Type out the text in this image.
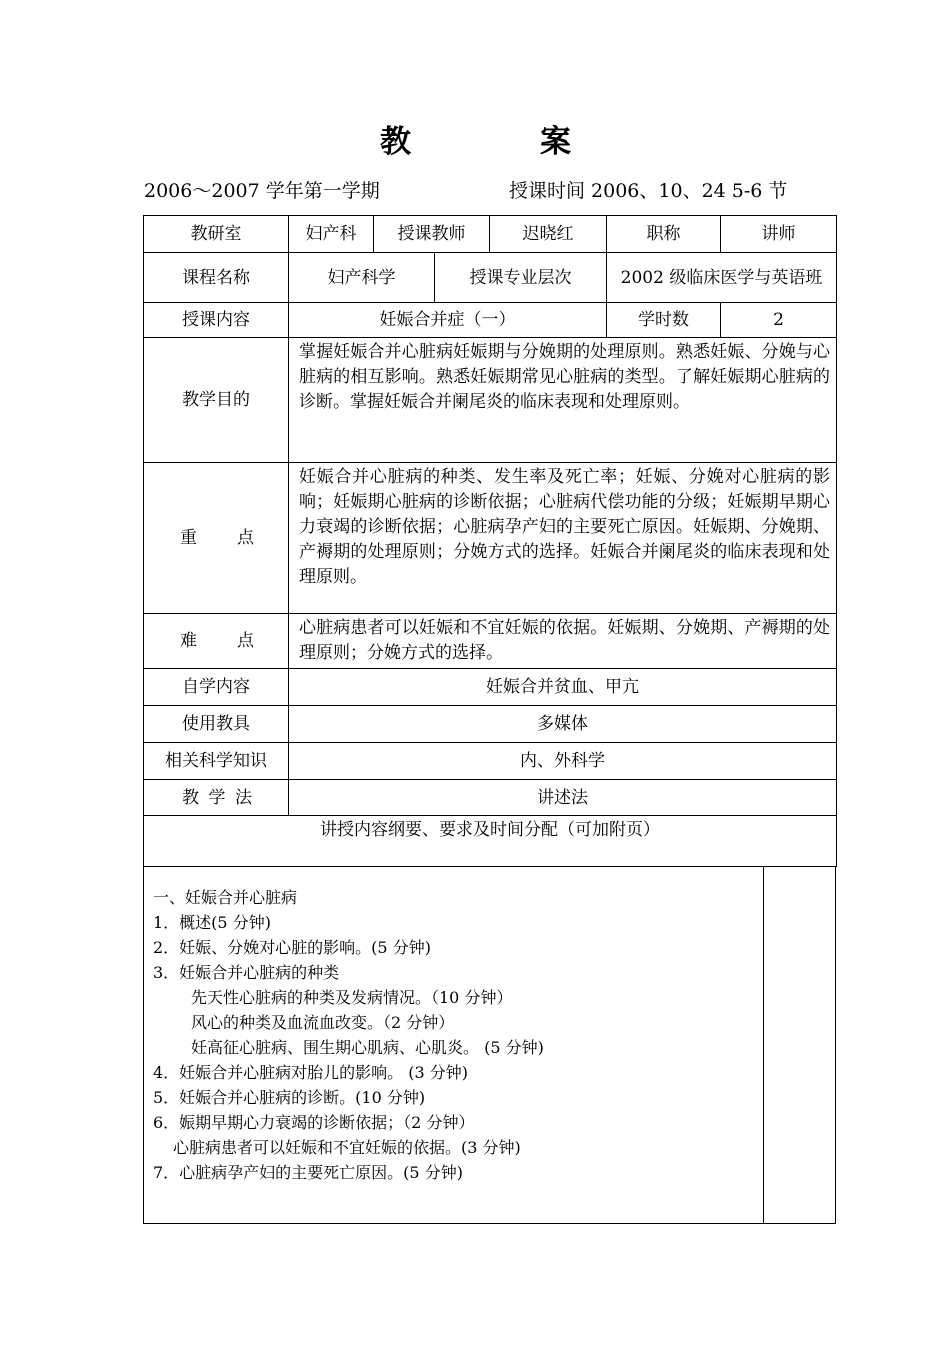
教	案
2006～2007 学年第一学期	授课时间 2006、10、24 5-6 节
教研室	妇产科	授课教师		迟晓红	职称	讲师
课程名称	妇产科学		授课专业层次		2002 级临床医学与英语班	
授课内容	妊娠合并症（一）				学时数	2
教学目的	掌握妊娠合并心脏病妊娠期与分娩期的处理原则。熟悉妊娠、分娩与心脏病的相互影响。熟悉妊娠期常见心脏病的类型。了解妊娠期心脏病的诊断。掌握妊娠合并阑尾炎的临床表现和处理原则。					

重 点	妊娠合并心脏病的种类、发生率及死亡率；妊娠、分娩对心脏病的影响；妊娠期心脏病的诊断依据；心脏病代偿功能的分级；妊娠期早期心力衰竭的诊断依据；心脏病孕产妇的主要死亡原因。妊娠期、分娩期、产褥期的处理原则；分娩方式的选择。妊娠合并阑尾炎的临床表现和处理原则。					

难 点	心脏病患者可以妊娠和不宜妊娠的依据。妊娠期、分娩期、产褥期的处理原则；分娩方式的选择。					
自学内容	妊娠合并贫血、甲亢					
使用教具	多媒体					
相关科学知识	内、外科学					

教 学 法	讲述法					
讲授内容纲要、要求及时间分配（可加附页）						
一、妊娠合并心脏病
1．概述(5 分钟)
2．妊娠、分娩对心脏的影响。(5 分钟)
3．妊娠合并心脏病的种类
先天性心脏病的种类及发病情况。（10 分钟）
风心的种类及血流血改变。（2 分钟）
妊高征心脏病、围生期心肌病、心肌炎。 (5 分钟)
4．妊娠合并心脏病对胎儿的影响。 (3 分钟)
5．妊娠合并心脏病的诊断。(10 分钟)
6．娠期早期心力衰竭的诊断依据；（2 分钟）
心脏病患者可以妊娠和不宜妊娠的依据。(3 分钟)
7．心脏病孕产妇的主要死亡原因。(5 分钟)
